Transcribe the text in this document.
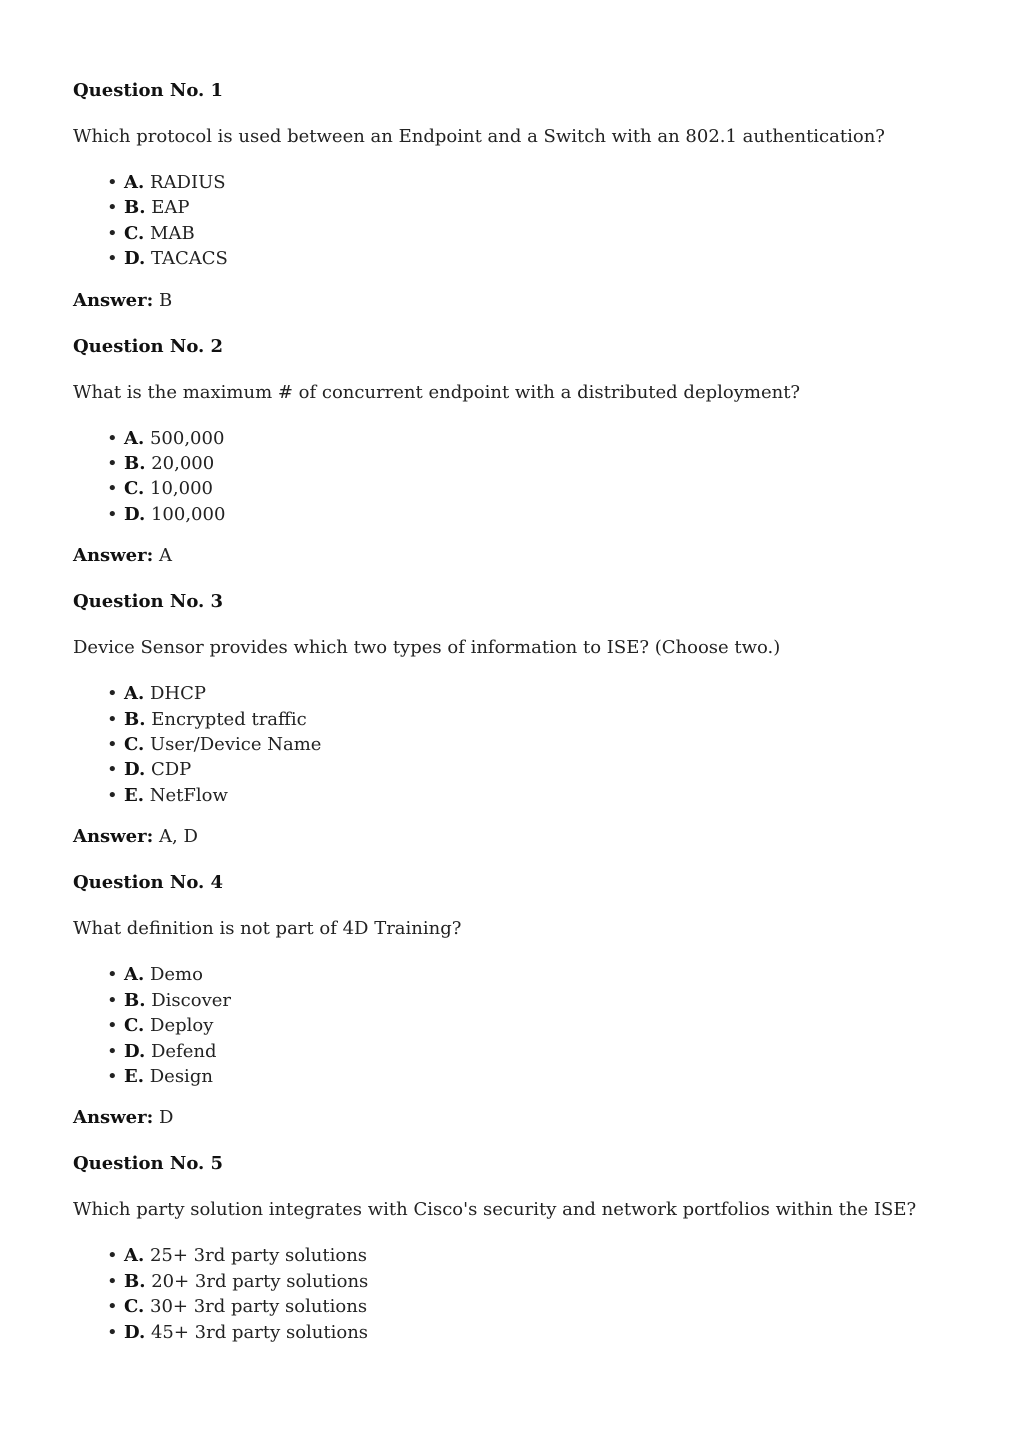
Question No. 1
Which protocol is used between an Endpoint and a Switch with an 802.1 authentication?
• A. RADIUS
• B. EAP
• C. MAB
• D. TACACS
Answer: B
Question No. 2
What is the maximum # of concurrent endpoint with a distributed deployment?
• A. 500,000
• B. 20,000
• C. 10,000
• D. 100,000
Answer: A
Question No. 3
Device Sensor provides which two types of information to ISE? (Choose two.)
• A. DHCP
• B. Encrypted traffic
• C. User/Device Name
• D. CDP
• E. NetFlow
Answer: A, D
Question No. 4
What definition is not part of 4D Training?
• A. Demo
• B. Discover
• C. Deploy
• D. Defend
• E. Design
Answer: D
Question No. 5
Which party solution integrates with Cisco's security and network portfolios within the ISE?
• A. 25+ 3rd party solutions
• B. 20+ 3rd party solutions
• C. 30+ 3rd party solutions
• D. 45+ 3rd party solutions
